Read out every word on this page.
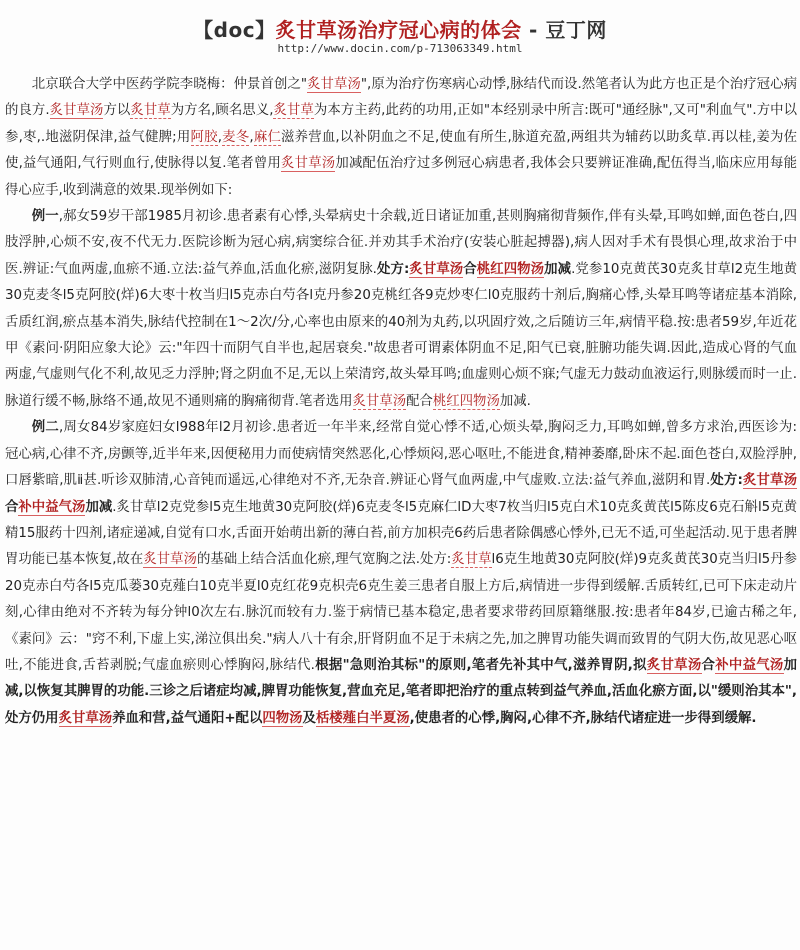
【doc】炙甘草汤治疗冠心病的体会 - 豆丁网
http://www.docin.com/p-713063349.html

北京联合大学中医药学院李晓梅：仲景首创之"炙甘草汤",原为治疗伤寒病心动悸,脉结代而设.然笔者认为此方也正是个治疗冠心病的良方.炙甘草汤方以炙甘草为方名,顾名思义,炙甘草为本方主药,此药的功用,正如"本经别录中所言:既可"通经脉",又可"利血气".方中以参,枣,.地滋阴保津,益气健脾;用阿胶,麦冬,麻仁滋养营血,以补阴血之不足,使血有所生,脉道充盈,两组共为辅药以助炙草.再以桂,姜为佐使,益气通阳,气行则血行,使脉得以复.笔者曾用炙甘草汤加减配伍治疗过多例冠心病患者,我体会只要辨证准确,配伍得当,临床应用每能得心应手,收到满意的效果.现举例如下:

例一,郝女59岁干部1985月初诊.患者素有心悸,头晕病史十余载,近日诸证加重,甚则胸痛彻背频作,伴有头晕,耳鸣如蝉,面色苍白,四肢浮肿,心烦不安,夜不代无力.医院诊断为冠心病,病窦综合征.并劝其手术治疗(安装心脏起搏器),病人因对手术有畏惧心理,故求治于中医.辨证:气血两虚,血瘀不通.立法:益气养血,活血化瘀,滋阴复脉.处方:炙甘草汤合桃红四物汤加减.党参10克黄芪30克炙甘草l2克生地黄30克麦冬l5克阿胶(烊)6大枣十枚当归l5克赤白芍各l克丹参20克桃红各9克炒枣仁l0克服药十剂后,胸痛心悸,头晕耳鸣等诸症基本消除,舌质红润,瘀点基本消失,脉结代控制在1～2次/分,心率也由原来的40剂为丸药,以巩固疗效,之后随访三年,病情平稳.按:患者59岁,年近花甲《素问·阴阳应象大论》云:"年四十而阴气自半也,起居衰矣."故患者可谓素体阴血不足,阳气已衰,脏腑功能失调.因此,造成心肾的气血两虚,气虚则气化不利,故见乏力浮肿;肾之阴血不足,无以上荣清窍,故头晕耳鸣;血虚则心烦不寐;气虚无力鼓动血液运行,则脉缓而时一止.脉道行缓不畅,脉络不通,故见不通则痛的胸痛彻背.笔者选用炙甘草汤配合桃红四物汤加减.

例二,周女84岁家庭妇女l988年l2月初诊.患者近一年半来,经常自觉心悸不适,心烦头晕,胸闷乏力,耳鸣如蝉,曾多方求治,西医诊为:冠心病,心律不齐,房颤等,近半年来,因便秘用力而使病情突然恶化,心悸烦闷,恶心呕吐,不能进食,精神萎靡,卧床不起.面色苍白,双脸浮肿,口唇紫暗,肌ⅱ甚.听诊双肺清,心音钝而遥远,心律绝对不齐,无杂音.辨证心肾气血两虚,中气虚败.立法:益气养血,滋阴和胃.处方:炙甘草汤合补中益气汤加减.炙甘草l2克党参l5克生地黄30克阿胶(烊)6克麦冬l5克麻仁lD大枣7枚当归l5克白术10克炙黄芪l5陈皮6克石斛l5克黄精15服药十四剂,诸症递减,自觉有口水,舌面开始萌出新的薄白苔,前方加枳壳6药后患者除偶感心悸外,已无不适,可坐起活动.见于患者脾胃功能已基本恢复,故在炙甘草汤的基础上结合活血化瘀,理气宽胸之法.处方:炙甘草l6克生地黄30克阿胶(烊)9克炙黄芪30克当归l5丹参20克赤白芍各l5克瓜蒌30克薤白10克半夏l0克红花9克枳壳6克生姜三患者自服上方后,病情进一步得到缓解.舌质转红,已可下床走动片刻,心律由绝对不齐转为每分钟l0次左右.脉沉而较有力.鉴于病情已基本稳定,患者要求带药回原籍继服.按:患者年84岁,已逾古稀之年,《素问》云："窍不利,下虚上实,涕泣俱出矣."病人八十有余,肝肾阴血不足于未病之先,加之脾胃功能失调而致胃的气阴大伤,故见恶心呕吐,不能进食,舌苔剥脱;气虚血瘀则心悸胸闷,脉结代.根据"急则治其标"的原则,笔者先补其中气,滋养胃阴,拟炙甘草汤合补中益气汤加减,以恢复其脾胃的功能.三诊之后诸症均减,脾胃功能恢复,营血充足,笔者即把治疗的重点转到益气养血,活血化瘀方面,以"缓则治其本",处方仍用炙甘草汤养血和营,益气通阳+配以四物汤及栝楼薤白半夏汤,使患者的心悸,胸闷,心律不齐,脉结代诸症进一步得到缓解.
